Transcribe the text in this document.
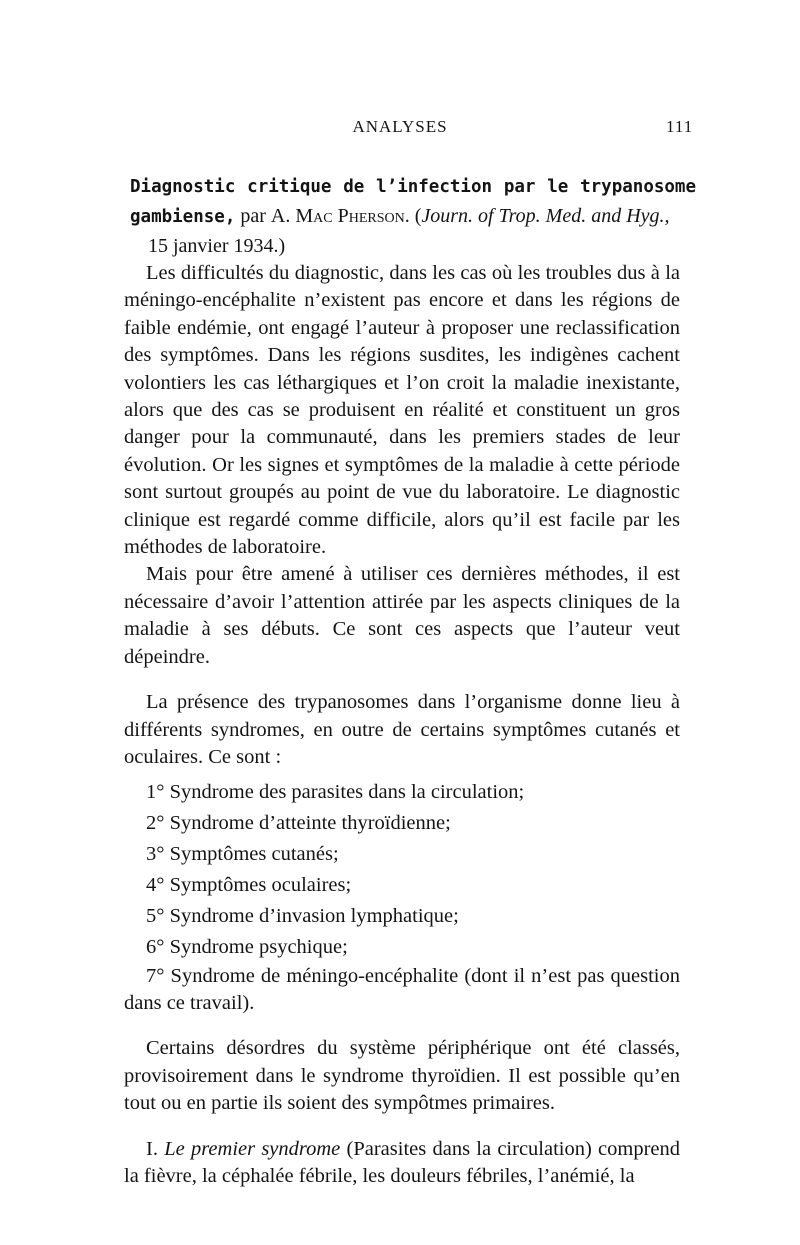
ANALYSES	111
Diagnostic critique de l’infection par le trypanosome gambiense, par A. Mac Pherson. (Journ. of Trop. Med. and Hyg.,
15 janvier 1934.)

Les difficultés du diagnostic, dans les cas où les troubles dus à la méningo-encéphalite n’existent pas encore et dans les régions de faible endémie, ont engagé l’auteur à proposer une reclassification des symptômes. Dans les régions susdites, les indigènes cachent volontiers les cas léthargiques et l’on croit la maladie inexistante, alors que des cas se produisent en réalité et constituent un gros danger pour la communauté, dans les premiers stades de leur évolution. Or les signes et symptômes de la maladie à cette période sont surtout groupés au point de vue du laboratoire. Le diagnostic clinique est regardé comme difficile, alors qu’il est facile par les méthodes de laboratoire.

Mais pour être amené à utiliser ces dernières méthodes, il est nécessaire d’avoir l’attention attirée par les aspects cliniques de la maladie à ses débuts. Ce sont ces aspects que l’auteur veut dépeindre.

La présence des trypanosomes dans l’organisme donne lieu à différents syndromes, en outre de certains symptômes cutanés et oculaires. Ce sont :

1° Syndrome des parasites dans la circulation;
2° Syndrome d’atteinte thyroïdienne;
3° Symptômes cutanés;
4° Symptômes oculaires;
5° Syndrome d’invasion lymphatique;
6° Syndrome psychique;
7° Syndrome de méningo-encéphalite (dont il n’est pas question dans ce travail).

Certains désordres du système périphérique ont été classés, provisoirement dans le syndrome thyroïdien. Il est possible qu’en tout ou en partie ils soient des sympôtmes primaires.

I. Le premier syndrome (Parasites dans la circulation) comprend la fièvre, la céphalée fébrile, les douleurs fébriles, l’anémié, la
